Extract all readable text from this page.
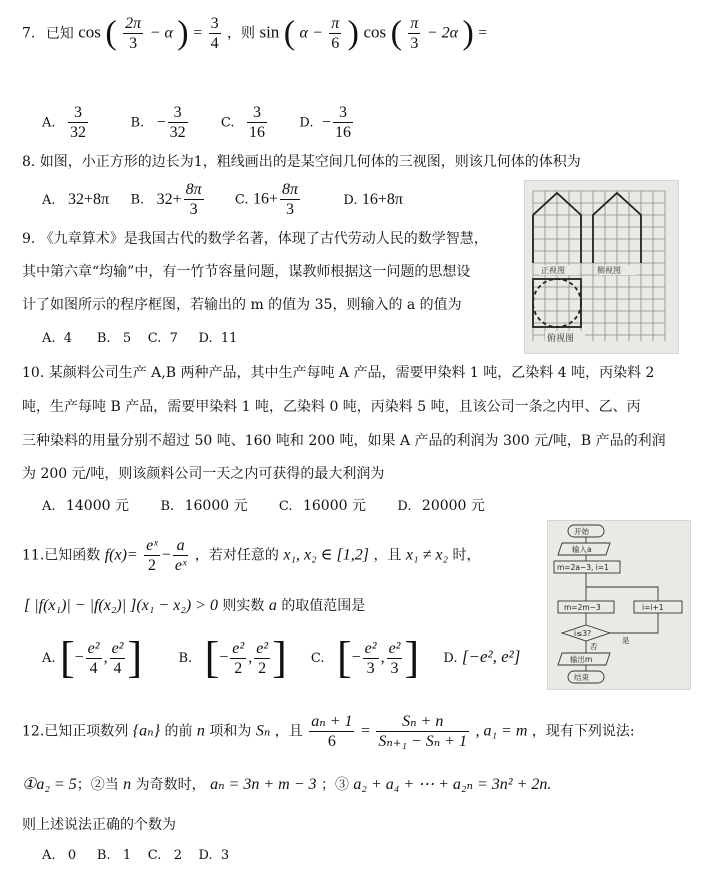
7. 已知 cos ( $\frac{2\pi}{3} - \alpha$ ) = $\frac{3}{4}$ ，则 sin ( $\alpha - \frac{\pi}{6}$ ) cos ( $\frac{\pi}{3} - 2\alpha$ ) =
A. $\frac{3}{32}$	B. − $\frac{3}{32}$	C. $\frac{3}{16} D$. − $\frac{3}{16}$
8. 如图，小正方形的边长为1，粗线画出的是某空间几何体的三视图，则该几何体的体积为
A. 32+8π B. $32+ \frac{8\pi}{3} C$. $16+ \frac{8\pi}{3}$	D. 16+8π
正视图	侧视图
俯视图
9. 《九章算术》是我国古代的数学名著，体现了古代劳动人民的数学智慧，
其中第六章“均输”中，有一竹节容量问题，谋教师根据这一问题的思想设
计了如图所示的程序框图，若输出的 m 的值为 35，则输入的 a 的值为
A.  4      B.   5    C.  7     D.  11
10. 某颜料公司生产 A,B 两种产品，其中生产每吨 A 产品，需要甲染料 1 吨，乙染料 4 吨，丙染料 2
吨，生产每吨 B 产品，需要甲染料 1 吨，乙染料 0 吨，丙染料 5 吨，且该公司一条之内甲、乙、丙
三种染料的用量分别不超过 50 吨、160 吨和 200 吨，如果 A 产品的利润为 300 元/吨，B 产品的利润
为 200 元/吨，则该颜料公司一天之内可获得的最大利润为
A. 14000 元 B. 16000 元 C. 16000 元 D. 20000 元
11.已知函数 $f(x)= \frac{\text{eˣ}}{2} - \frac{a}{\text{eˣ}}$ ，若对任意的 x₁, x₂ ∈ [1,2] ，且 x₁ ≠ x₂ 时，
[ |f(x₁)| − |f(x₂)| ](x₁ − x₂) > 0 则实数 a 的取值范围是
A. [− $\frac{\text{e²}}{4}$ , $\frac{\text{e²}}{4}$ ]	B. [− $\frac{\text{e²}}{2}$ , $\frac{\text{e²}}{2}$ ] C. [− $\frac{\text{e²}}{3}$ , $\frac{\text{e²}}{3}$ ] D. [−e², e²]
开始
输入a
m=2a−3, i=1
m=2m−3	i=i+1
i≤3?
是
否
输出m
结束
12.已知正项数列 {aₙ} 的前 n 项和为 Sₙ ，且 $\frac{\text{aₙ + 1}}{6} = \frac{\text{Sₙ + n}}{\text{Sₙ₊₁ − Sₙ + 1}}$ , a₁ = m ，现有下列说法:
①a₂ = 5；②当 n 为奇数时， aₙ = 3n + m − 3 ；③ a₂ + a₄ + ⋯ + a₂ₙ = 3n² + 2n.
则上述说法正确的个数为
A.   0     B.   1    C.   2    D.  3
